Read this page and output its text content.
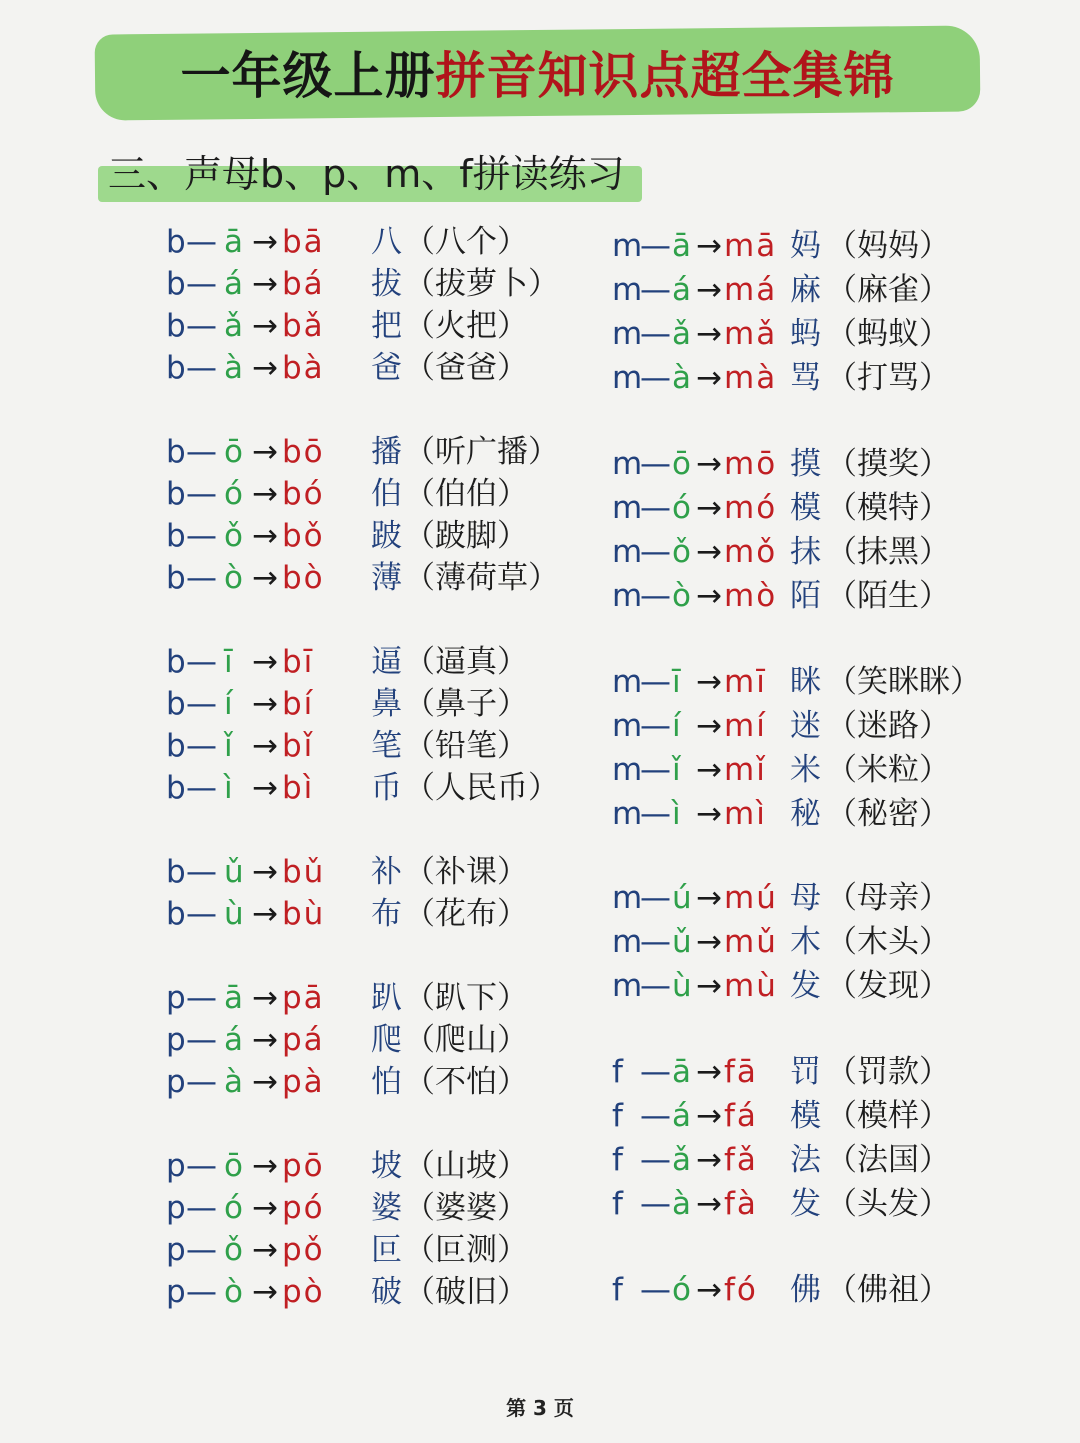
一年级上册拼音知识点超全集锦
三、声母b、p、m、f拼读练习
b — ā → bā 八 （八个）
b — á → bá 拔 （拔萝卜）
b — ǎ → bǎ 把 （火把）
b — à → bà 爸 （爸爸）
b — ō → bō 播 （听广播）
b — ó → bó 伯 （伯伯）
b — ǒ → bǒ 跛 （跛脚）
b — ò → bò 薄 （薄荷草）
b — ī → bī 逼 （逼真）
b — í → bí 鼻 （鼻子）
b — ǐ → bǐ 笔 （铅笔）
b — ì → bì 币 （人民币）
b — ǔ → bǔ 补 （补课）
b — ù → bù 布 （花布）
p — ā → pā 趴 （趴下）
p — á → pá 爬 （爬山）
p — à → pà 怕 （不怕）
p — ō → pō 坡 （山坡）
p — ó → pó 婆 （婆婆）
p — ǒ → pǒ 叵 （叵测）
p — ò → pò 破 （破旧）
m
— ā → mā 妈 （妈妈）
m
— á → má 麻 （麻雀）
m
— ǎ → mǎ 蚂 （蚂蚁）
m
— à → mà 骂 （打骂）
m
— ō → mō 摸 （摸奖）
m
— ó → mó 模 （模特）
m
— ǒ → mǒ 抹 （抹黑）
m
— ò → mò 陌 （陌生）
m
— ī → mī 眯 （笑眯眯）
m
— í → mí 迷 （迷路）
m
— ǐ → mǐ 米 （米粒）
m
— ì → mì 秘 （秘密）
m
— ú → mú 母 （母亲）
m
— ǔ → mǔ 木 （木头）
m
— ù → mù 发 （发现）
f — ā → fā 罚 （罚款）
f — á → fá 模 （模样）
f — ǎ → fǎ 法 （法国）
f — à → fà 发 （头发）
f — ó → fó 佛 （佛祖）
第 3 页
